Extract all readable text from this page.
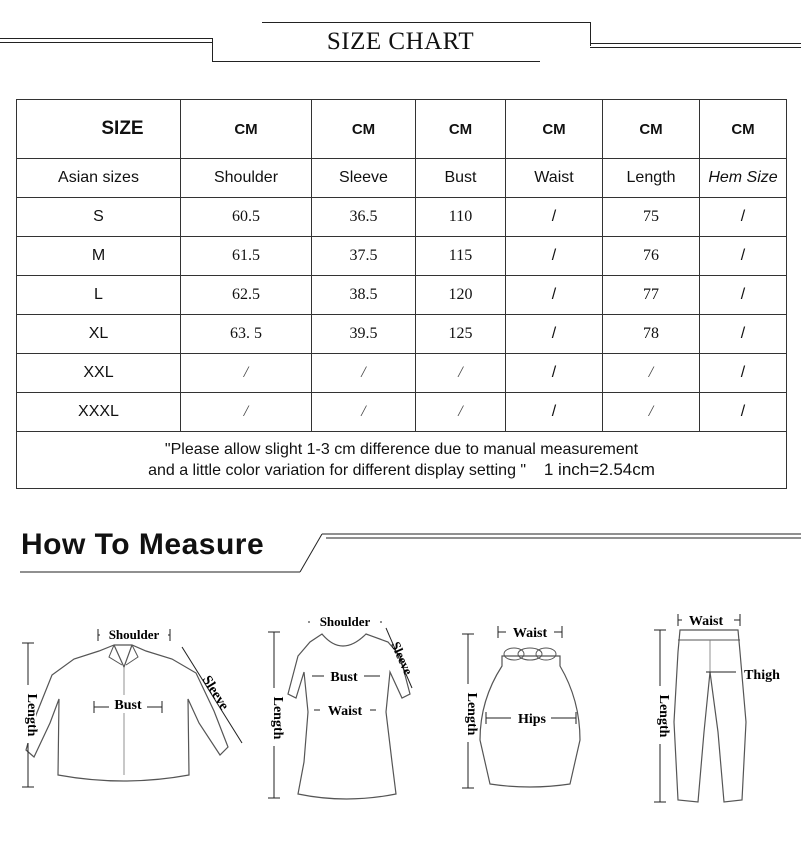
SIZE CHART
SIZE	CM	CM	CM	CM	CM	CM
Asian sizes	Shoulder	Sleeve	Bust	Waist	Length	Hem Size
S	60.5	36.5	110	/	75	/
M	61.5	37.5	115	/	76	/
L	62.5	38.5	120	/	77	/
XL	63. 5	39.5	125	/	78	/
XXL	/	/	/	/	/	/
XXXL	/	/	/	/	/	/

"Please allow slight 1-3 cm difference due to manual measurement
and a little color variation for different display setting " 1 inch=2.54cm						
How To Measure
Shoulder
Length	Bust	Sleeve
Shoulder
Sleeve
Length
Bust
Waist
Waist
Length	Hips
Waist
Thigh
Length
